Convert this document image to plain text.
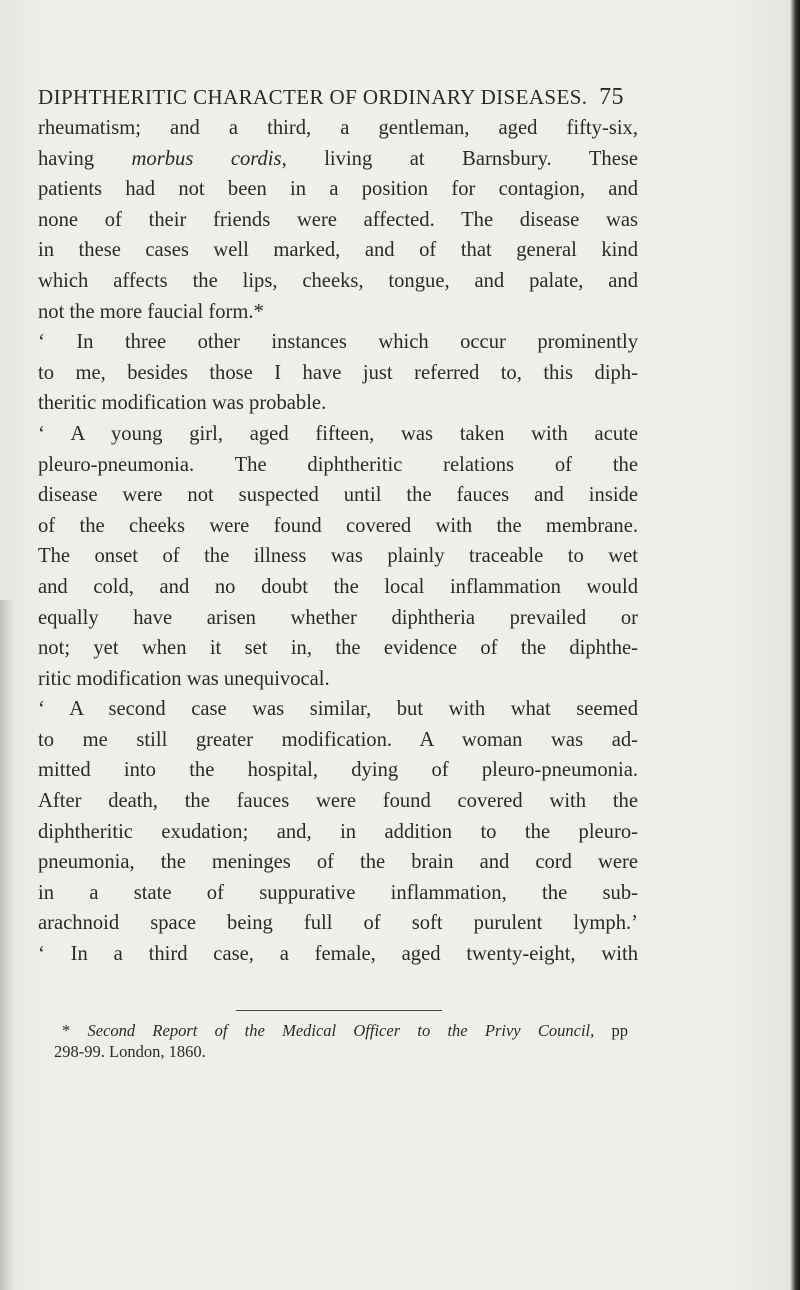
DIPHTHERITIC CHARACTER OF ORDINARY DISEASES. 75
rheumatism; and a third, a gentleman, aged fifty-six,
having morbus cordis, living at Barnsbury. These
patients had not been in a position for contagion, and
none of their friends were affected. The disease was
in these cases well marked, and of that general kind
which affects the lips, cheeks, tongue, and palate, and
not the more faucial form.*
‘ In three other instances which occur prominently
to me, besides those I have just referred to, this diph-
theritic modification was probable.
‘ A young girl, aged fifteen, was taken with acute
pleuro-pneumonia. The diphtheritic relations of the
disease were not suspected until the fauces and inside
of the cheeks were found covered with the membrane.
The onset of the illness was plainly traceable to wet
and cold, and no doubt the local inflammation would
equally have arisen whether diphtheria prevailed or
not; yet when it set in, the evidence of the diphthe-
ritic modification was unequivocal.
‘ A second case was similar, but with what seemed
to me still greater modification. A woman was ad-
mitted into the hospital, dying of pleuro-pneumonia.
After death, the fauces were found covered with the
diphtheritic exudation; and, in addition to the pleuro-
pneumonia, the meninges of the brain and cord were
in a state of suppurative inflammation, the sub-
arachnoid space being full of soft purulent lymph.’
‘ In a third case, a female, aged twenty-eight, with
* Second Report of the Medical Officer to the Privy Council, pp
298-99. London, 1860.
